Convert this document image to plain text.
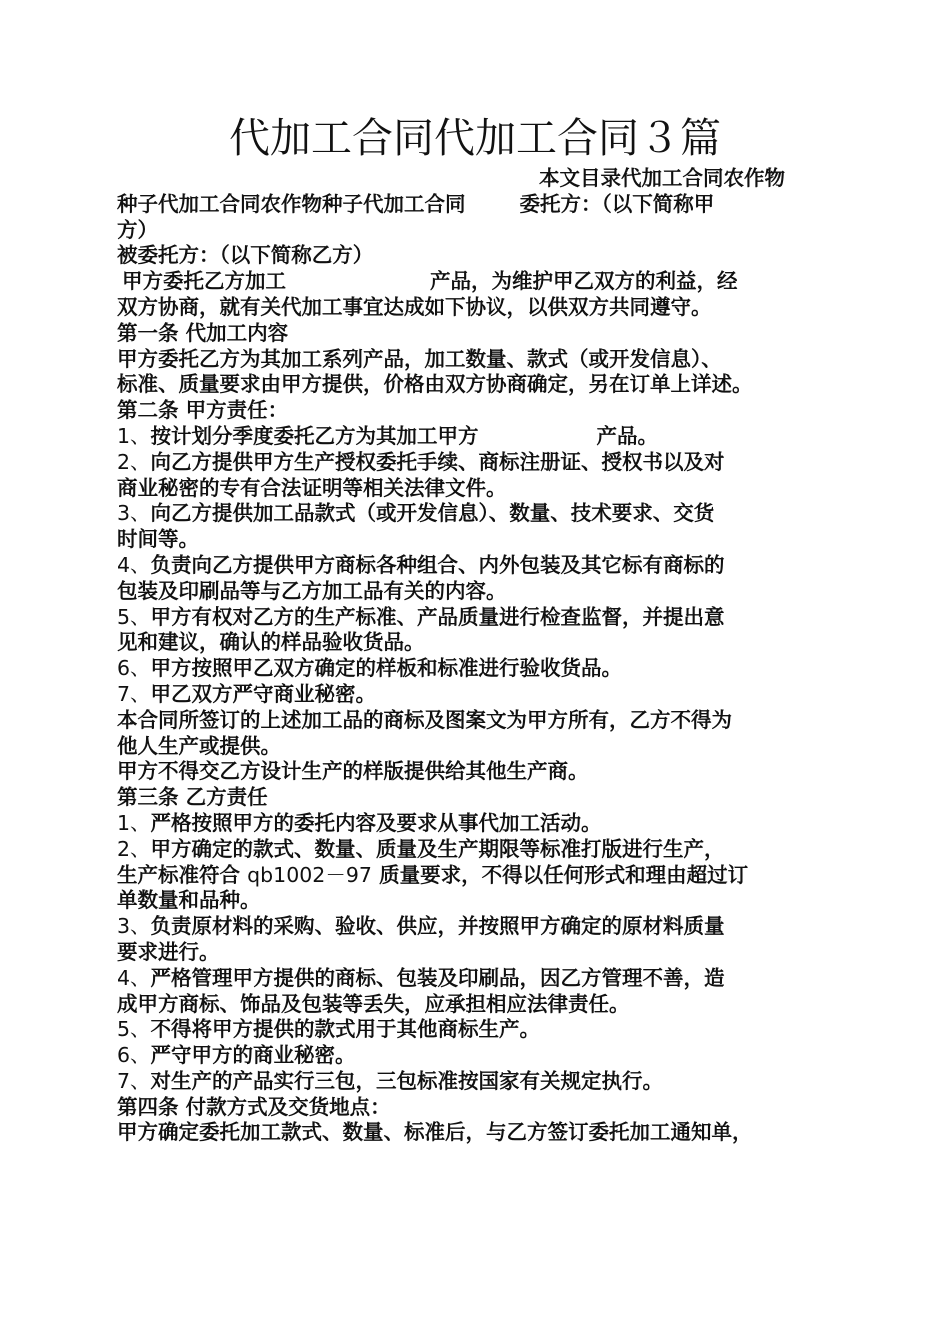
代加工合同代加工合同３篇
本文目录代加工合同农作物
种子代加工合同农作物种子代加工合同	委托方：（以下简称甲
方）
被委托方：（以下简称乙方）
甲方委托乙方加工	产品，为维护甲乙双方的利益，经
双方协商，就有关代加工事宜达成如下协议，以供双方共同遵守。
第一条 代加工内容
甲方委托乙方为其加工系列产品，加工数量、款式（或开发信息）、
标准、质量要求由甲方提供，价格由双方协商确定，另在订单上详述。
第二条 甲方责任：
1、按计划分季度委托乙方为其加工甲方	产品。
2、向乙方提供甲方生产授权委托手续、商标注册证、授权书以及对
商业秘密的专有合法证明等相关法律文件。
3、向乙方提供加工品款式（或开发信息）、数量、技术要求、交货
时间等。
4、负责向乙方提供甲方商标各种组合、内外包装及其它标有商标的
包装及印刷品等与乙方加工品有关的内容。
5、甲方有权对乙方的生产标准、产品质量进行检查监督，并提出意
见和建议，确认的样品验收货品。
6、甲方按照甲乙双方确定的样板和标准进行验收货品。
7、甲乙双方严守商业秘密。
本合同所签订的上述加工品的商标及图案文为甲方所有，乙方不得为
他人生产或提供。
甲方不得交乙方设计生产的样版提供给其他生产商。
第三条 乙方责任
1、严格按照甲方的委托内容及要求从事代加工活动。
2、甲方确定的款式、数量、质量及生产期限等标准打版进行生产，
生产标准符合 qb1002－97 质量要求，不得以任何形式和理由超过订
单数量和品种。
3、负责原材料的采购、验收、供应，并按照甲方确定的原材料质量
要求进行。
4、严格管理甲方提供的商标、包装及印刷品，因乙方管理不善，造
成甲方商标、饰品及包装等丢失，应承担相应法律责任。
5、不得将甲方提供的款式用于其他商标生产。
6、严守甲方的商业秘密。
7、对生产的产品实行三包，三包标准按国家有关规定执行。
第四条 付款方式及交货地点：
甲方确定委托加工款式、数量、标准后，与乙方签订委托加工通知单，
